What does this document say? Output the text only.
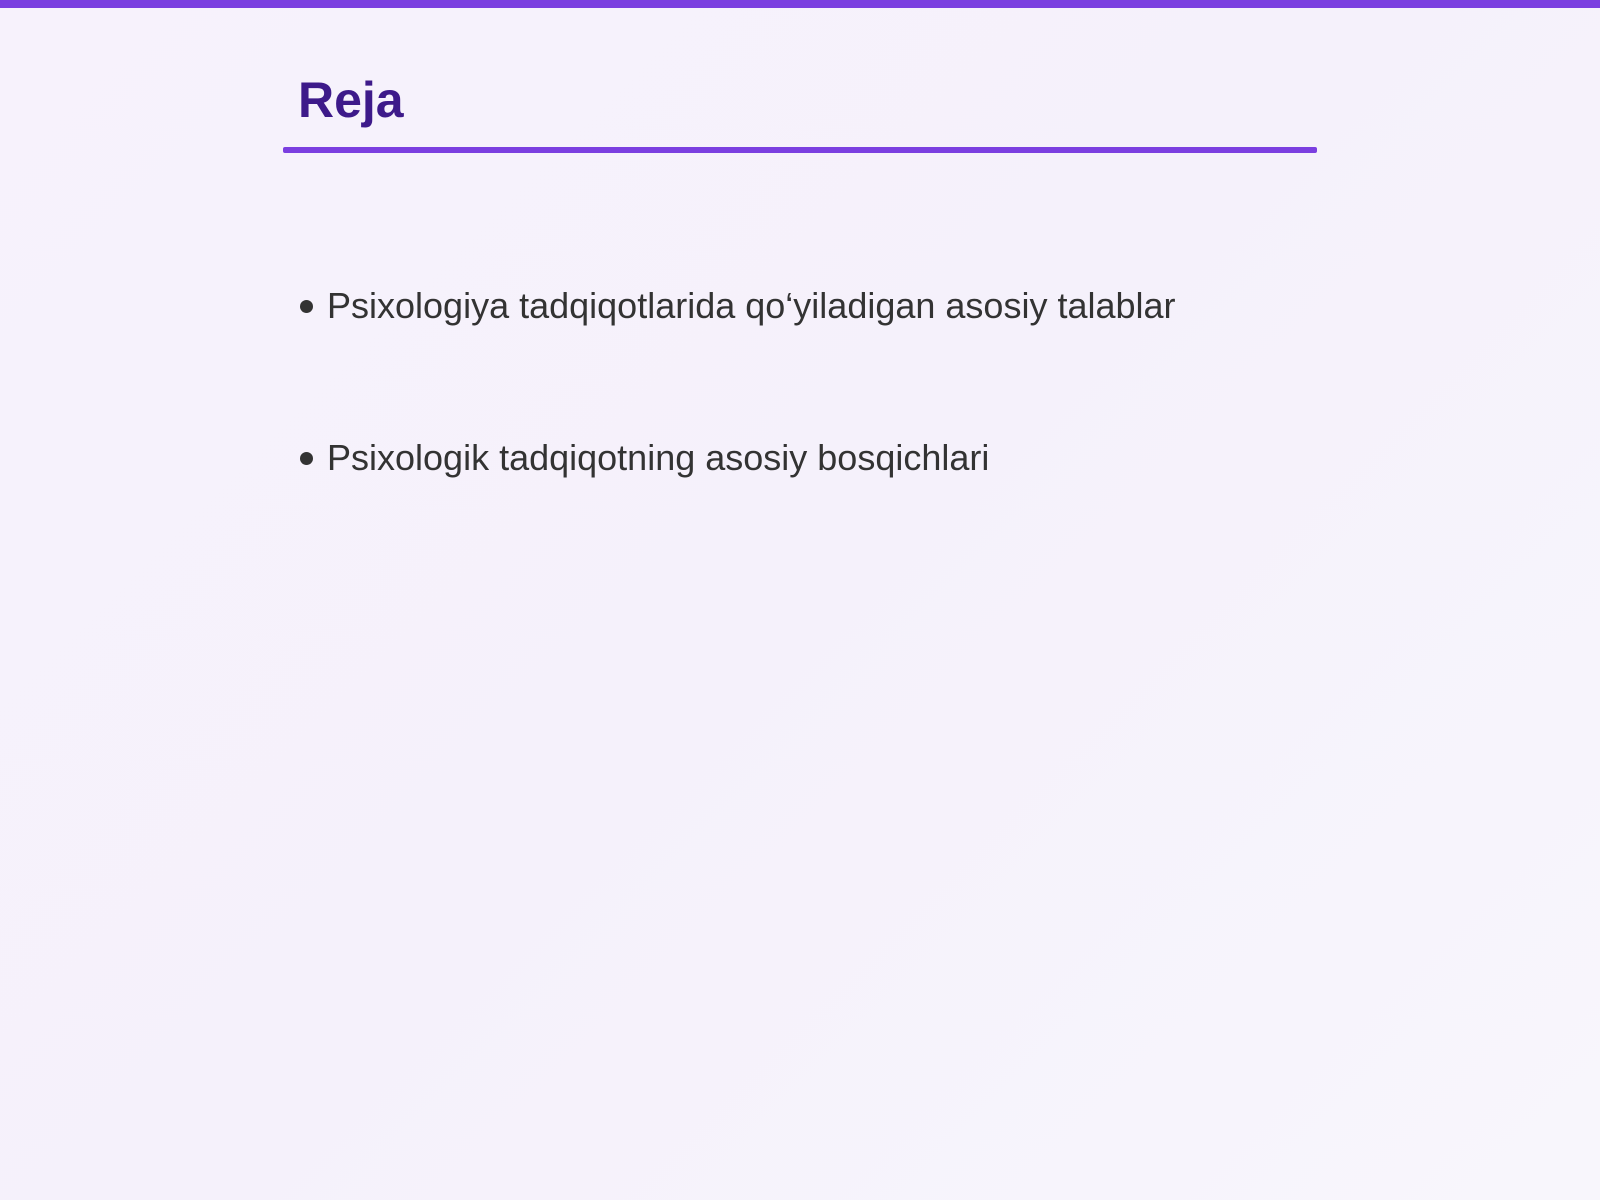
Reja
Psixologiya tadqiqotlarida qo‘yiladigan asosiy talablar
Psixologik tadqiqotning asosiy bosqichlari
